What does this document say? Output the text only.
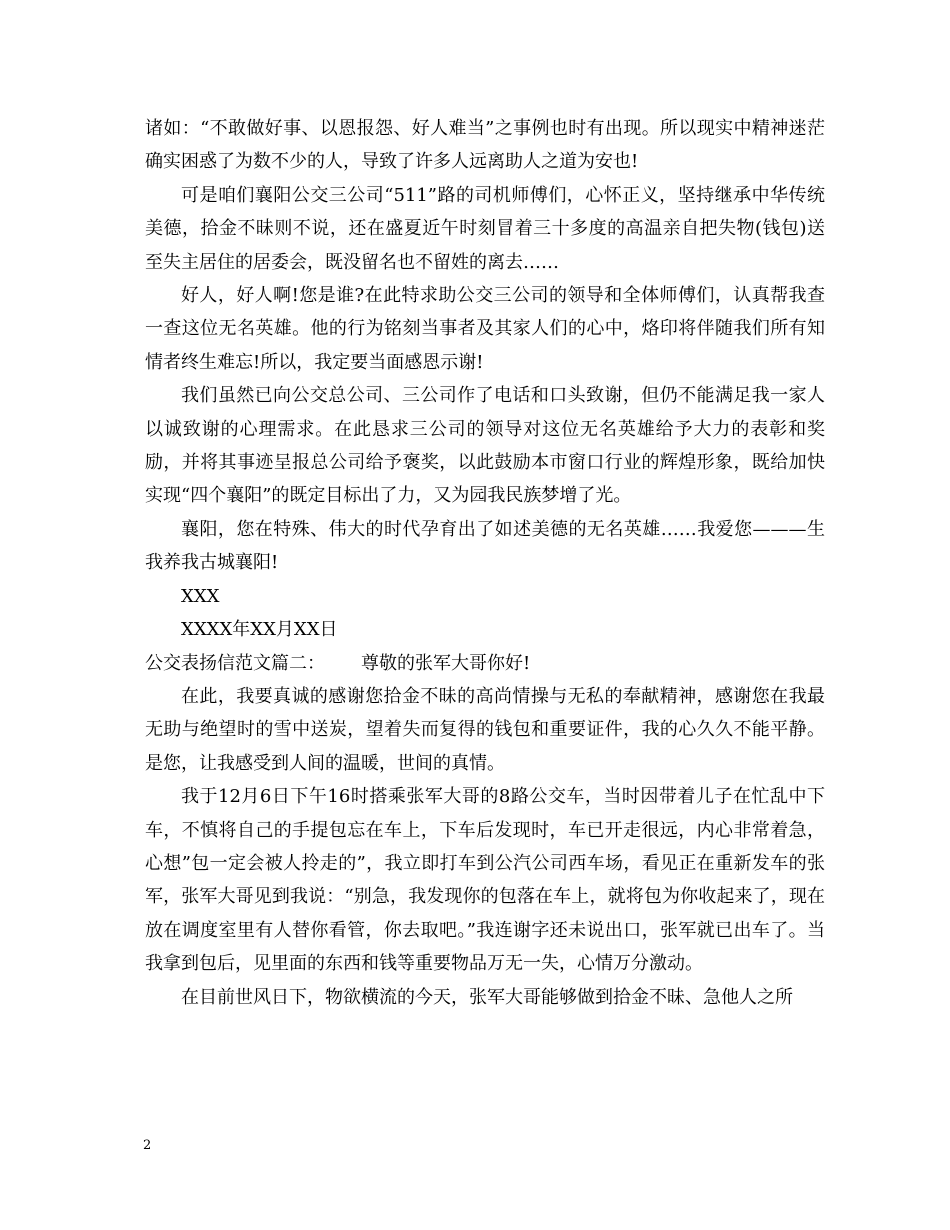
诸如：“不敢做好事、以恩报怨、好人难当”之事例也时有出现。所以现实中精神迷茫确实困惑了为数不少的人，导致了许多人远离助人之道为安也!

可是咱们襄阳公交三公司“511”路的司机师傅们，心怀正义，坚持继承中华传统美德，拾金不昧则不说，还在盛夏近午时刻冒着三十多度的高温亲自把失物(钱包)送至失主居住的居委会，既没留名也不留姓的离去……

好人，好人啊!您是谁?在此特求助公交三公司的领导和全体师傅们，认真帮我查一查这位无名英雄。他的行为铭刻当事者及其家人们的心中，烙印将伴随我们所有知情者终生难忘!所以，我定要当面感恩示谢!

我们虽然已向公交总公司、三公司作了电话和口头致谢，但仍不能满足我一家人以诚致谢的心理需求。在此恳求三公司的领导对这位无名英雄给予大力的表彰和奖励，并将其事迹呈报总公司给予褒奖，以此鼓励本市窗口行业的辉煌形象，既给加快实现“四个襄阳”的既定目标出了力，又为园我民族梦增了光。

襄阳，您在特殊、伟大的时代孕育出了如述美德的无名英雄……我爱您———生我养我古城襄阳!

XXX

XXXX年XX月XX日

公交表扬信范文篇二： 尊敬的张军大哥你好!

在此，我要真诚的感谢您拾金不昧的高尚情操与无私的奉献精神，感谢您在我最无助与绝望时的雪中送炭，望着失而复得的钱包和重要证件，我的心久久不能平静。是您，让我感受到人间的温暖，世间的真情。

我于12月6日下午16时搭乘张军大哥的8路公交车，当时因带着儿子在忙乱中下车，不慎将自己的手提包忘在车上，下车后发现时，车已开走很远，内心非常着急，心想”包一定会被人拎走的”，我立即打车到公汽公司西车场，看见正在重新发车的张军，张军大哥见到我说：“别急，我发现你的包落在车上，就将包为你收起来了，现在放在调度室里有人替你看管，你去取吧。”我连谢字还未说出口，张军就已出车了。当我拿到包后，见里面的东西和钱等重要物品万无一失，心情万分激动。

在目前世风日下，物欲横流的今天，张军大哥能够做到拾金不昧、急他人之所

2
